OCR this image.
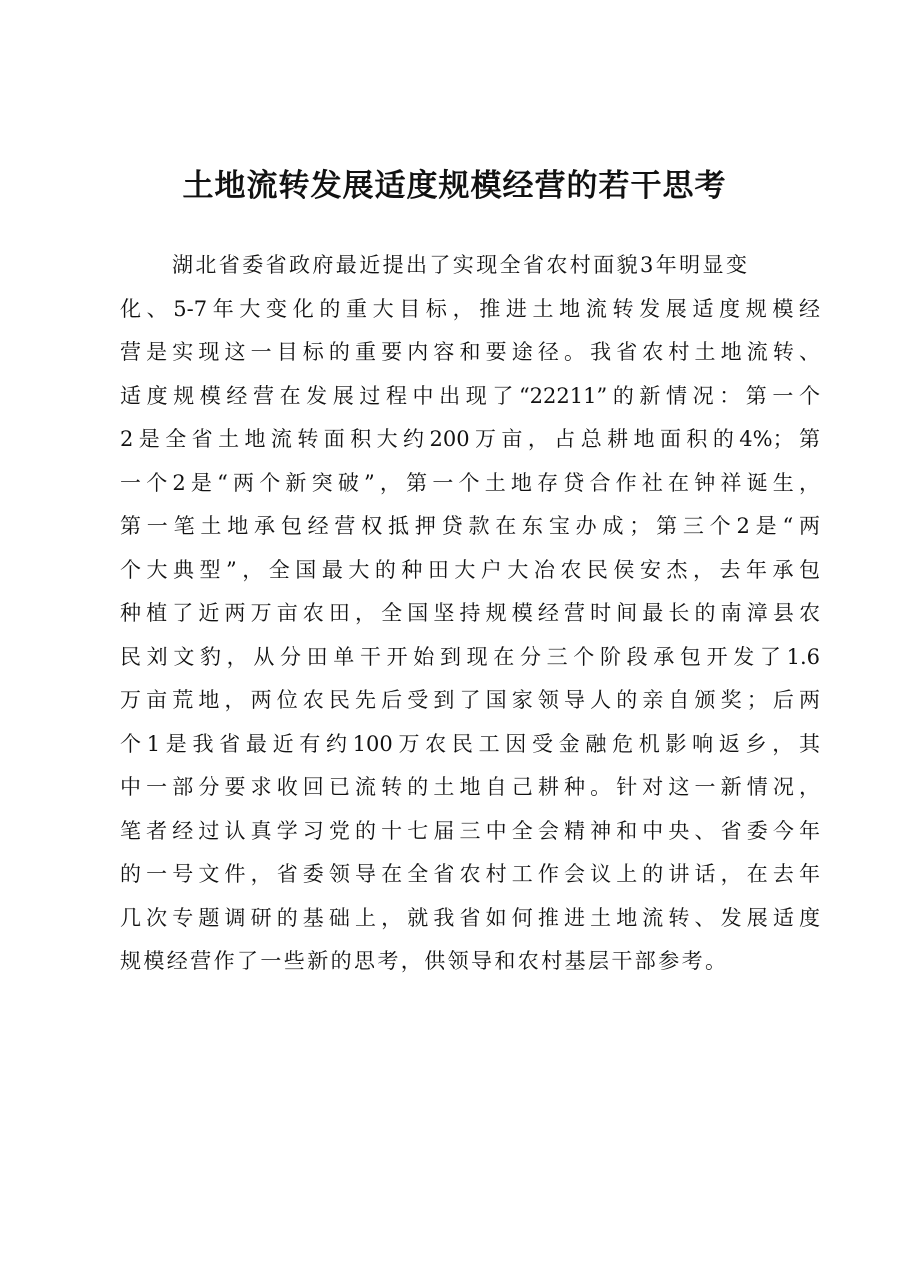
土地流转发展适度规模经营的若干思考
湖北省委省政府最近提出了实现全省农村面貌3年明显变
化、5-7年大变化的重大目标，推进土地流转发展适度规模经
营是实现这一目标的重要内容和要途径。我省农村土地流转、
适度规模经营在发展过程中出现了“22211”的新情况：第一个
2是全省土地流转面积大约200万亩，占总耕地面积的4%；第
一个2是“两个新突破”，第一个土地存贷合作社在钟祥诞生，
第一笔土地承包经营权抵押贷款在东宝办成；第三个2是“两
个大典型”，全国最大的种田大户大冶农民侯安杰，去年承包
种植了近两万亩农田，全国坚持规模经营时间最长的南漳县农
民刘文豹，从分田单干开始到现在分三个阶段承包开发了1.6
万亩荒地，两位农民先后受到了国家领导人的亲自颁奖；后两
个1是我省最近有约100万农民工因受金融危机影响返乡，其
中一部分要求收回已流转的土地自己耕种。针对这一新情况，
笔者经过认真学习党的十七届三中全会精神和中央、省委今年
的一号文件，省委领导在全省农村工作会议上的讲话，在去年
几次专题调研的基础上，就我省如何推进土地流转、发展适度
规模经营作了一些新的思考，供领导和农村基层干部参考。
